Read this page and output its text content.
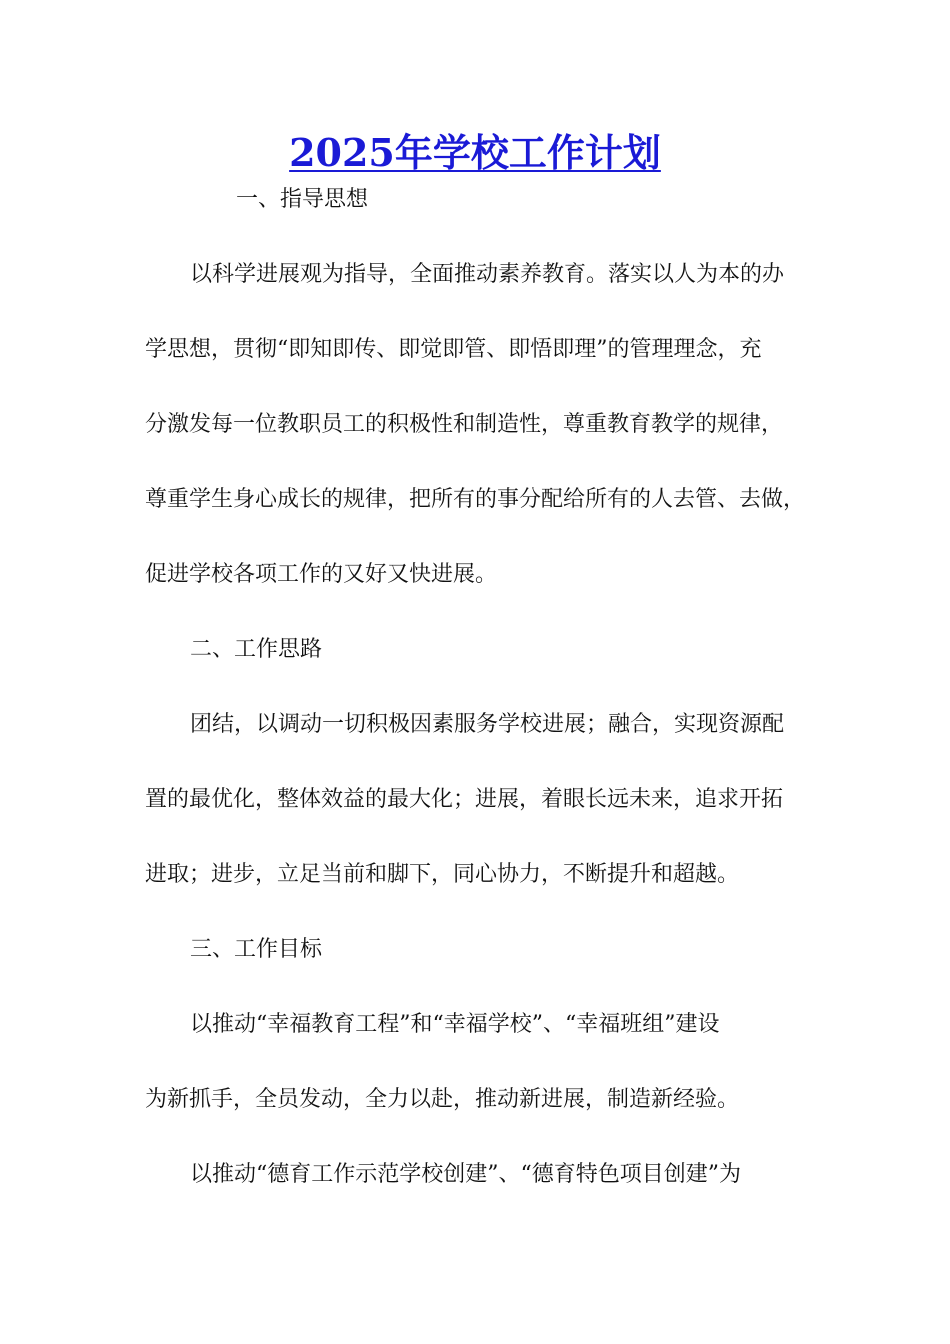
2025年学校工作计划

一、指导思想

以科学进展观为指导，全面推动素养教育。落实以人为本的办

学思想，贯彻“即知即传、即觉即管、即悟即理”的管理理念，充

分激发每一位教职员工的积极性和制造性，尊重教育教学的规律，

尊重学生身心成长的规律，把所有的事分配给所有的人去管、去做，

促进学校各项工作的又好又快进展。

二、工作思路

团结，以调动一切积极因素服务学校进展；融合，实现资源配

置的最优化，整体效益的最大化；进展，着眼长远未来，追求开拓

进取；进步，立足当前和脚下，同心协力，不断提升和超越。

三、工作目标

以推动“幸福教育工程”和“幸福学校”、“幸福班组”建设

为新抓手，全员发动，全力以赴，推动新进展，制造新经验。

以推动“德育工作示范学校创建”、“德育特色项目创建”为
